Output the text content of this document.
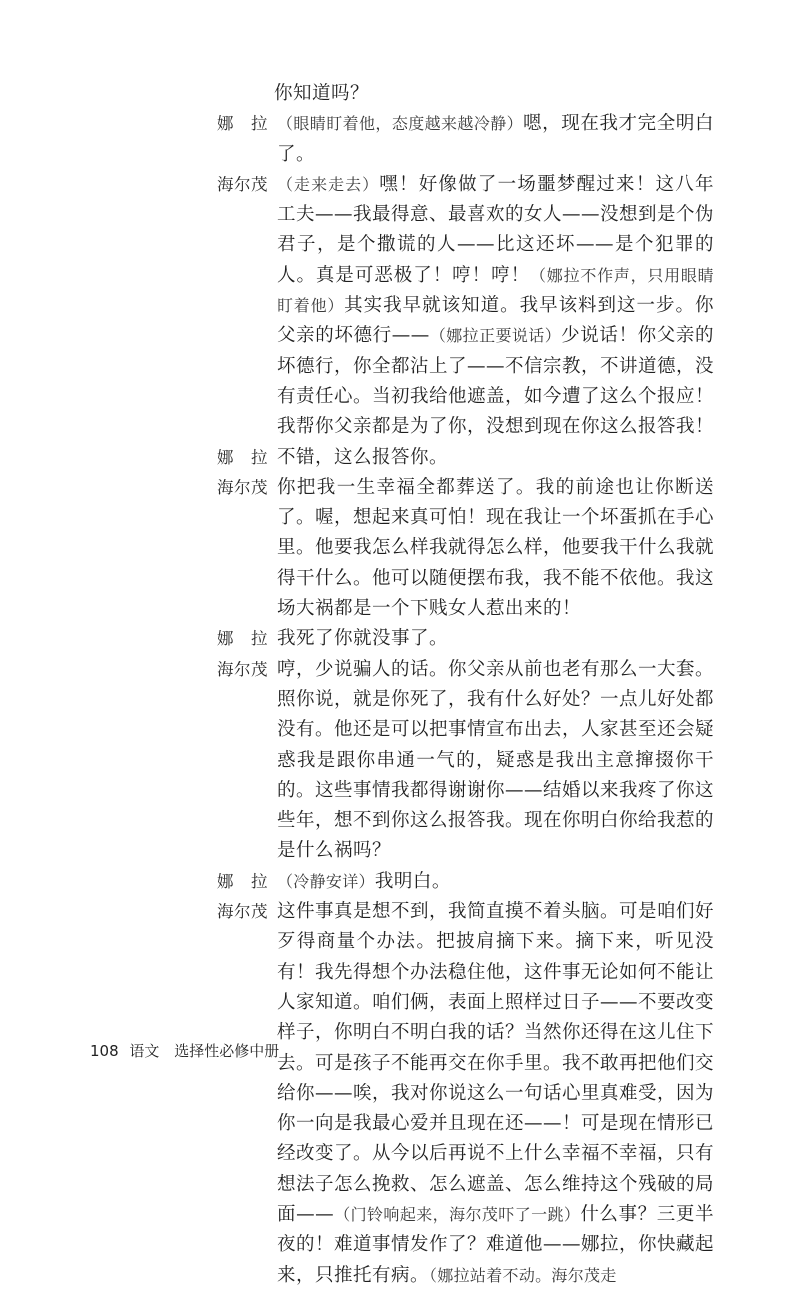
你知道吗？
娜　拉 （眼睛盯着他，态度越来越冷静）嗯，现在我才完全明白了。
海尔茂 （走来走去）嘿！好像做了一场噩梦醒过来！这八年工夫——我最得意、最喜欢的女人——没想到是个伪君子，是个撒谎的人——比这还坏——是个犯罪的人。真是可恶极了！哼！哼！（娜拉不作声，只用眼睛盯着他）其实我早就该知道。我早该料到这一步。你父亲的坏德行——（娜拉正要说话）少说话！你父亲的坏德行，你全都沾上了——不信宗教，不讲道德，没有责任心。当初我给他遮盖，如今遭了这么个报应！我帮你父亲都是为了你，没想到现在你这么报答我！
娜　拉 不错，这么报答你。
海尔茂 你把我一生幸福全都葬送了。我的前途也让你断送了。喔，想起来真可怕！现在我让一个坏蛋抓在手心里。他要我怎么样我就得怎么样，他要我干什么我就得干什么。他可以随便摆布我，我不能不依他。我这场大祸都是一个下贱女人惹出来的！
娜　拉 我死了你就没事了。
海尔茂 哼，少说骗人的话。你父亲从前也老有那么一大套。照你说，就是你死了，我有什么好处？一点儿好处都没有。他还是可以把事情宣布出去，人家甚至还会疑惑我是跟你串通一气的，疑惑是我出主意撺掇你干的。这些事情我都得谢谢你——结婚以来我疼了你这些年，想不到你这么报答我。现在你明白你给我惹的是什么祸吗？
娜　拉 （冷静安详）我明白。
海尔茂 这件事真是想不到，我简直摸不着头脑。可是咱们好歹得商量个办法。把披肩摘下来。摘下来，听见没有！我先得想个办法稳住他，这件事无论如何不能让人家知道。咱们俩，表面上照样过日子——不要改变样子，你明白不明白我的话？当然你还得在这儿住下去。可是孩子不能再交在你手里。我不敢再把他们交给你——唉，我对你说这么一句话心里真难受，因为你一向是我最心爱并且现在还——！可是现在情形已经改变了。从今以后再说不上什么幸福不幸福，只有想法子怎么挽救、怎么遮盖、怎么维持这个残破的局面——（门铃响起来，海尔茂吓了一跳）什么事？三更半夜的！难道事情发作了？难道他——娜拉，你快藏起来，只推托有病。（娜拉站着不动。海尔茂走
108 语文 选择性必修中册
